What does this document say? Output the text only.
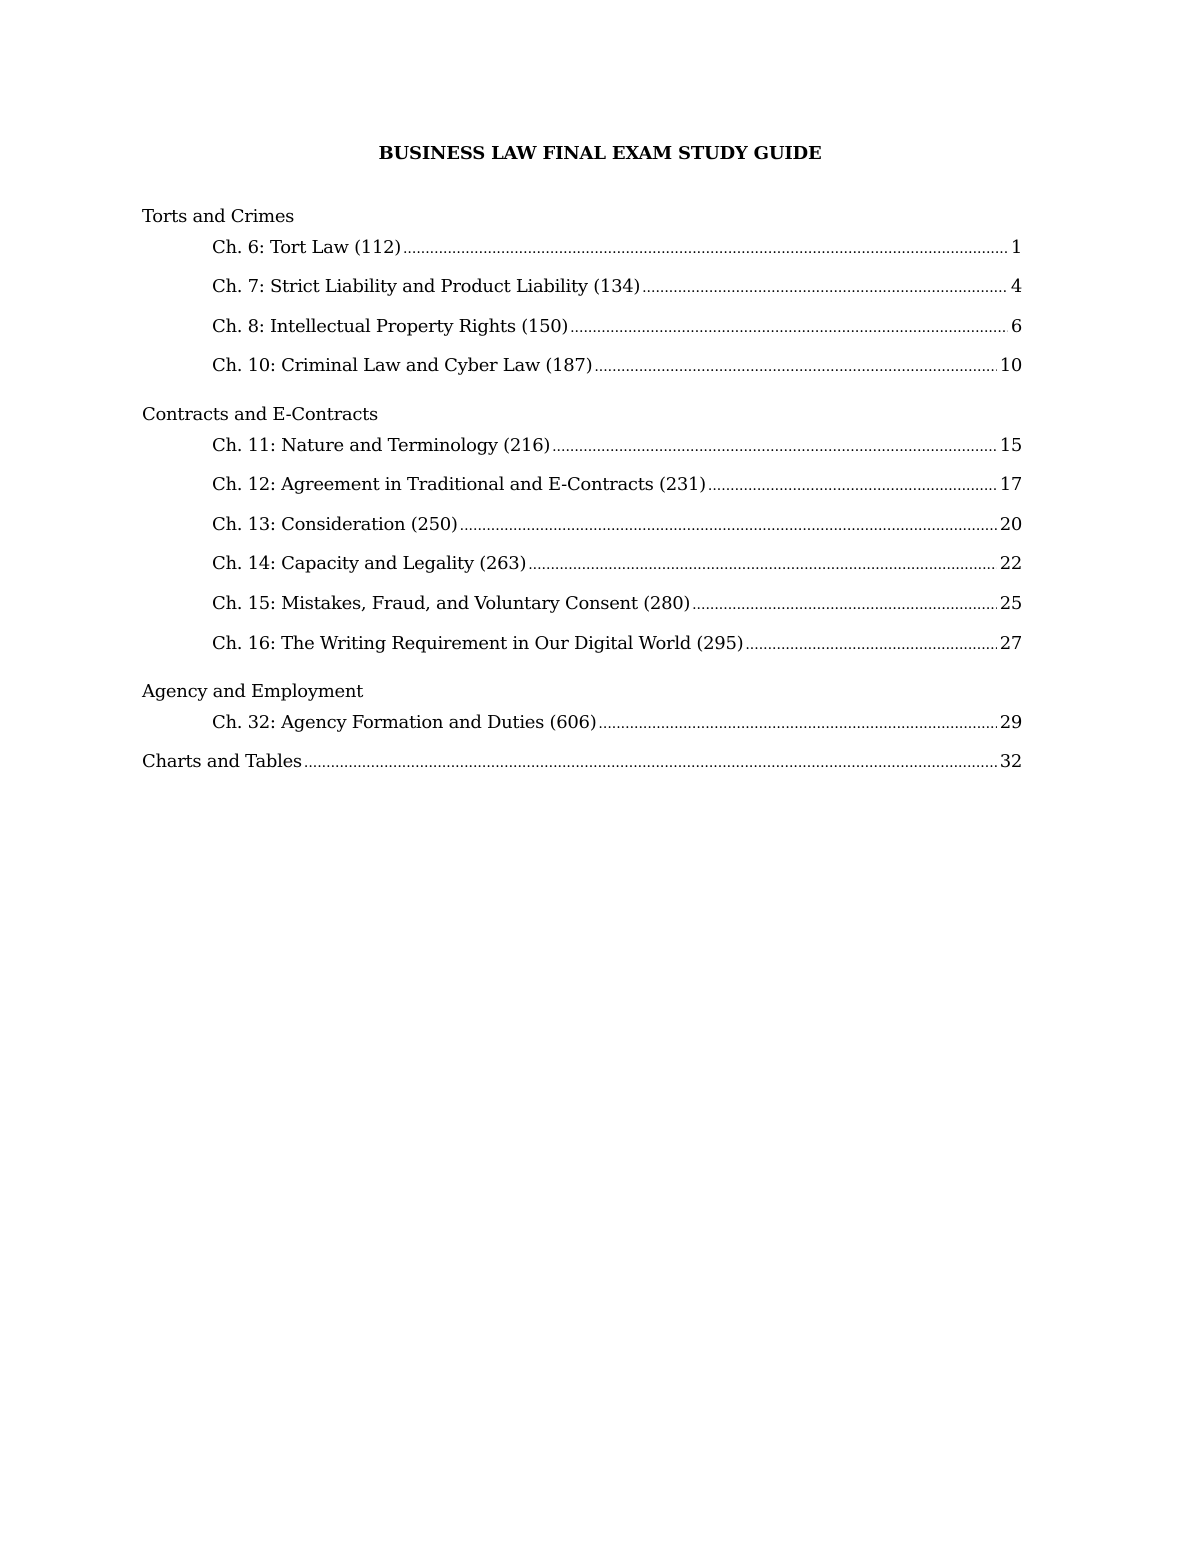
BUSINESS LAW FINAL EXAM STUDY GUIDE
Torts and Crimes
Ch. 6: Tort Law (112) .....	1
Ch. 7: Strict Liability and Product Liability (134) .....	4
Ch. 8: Intellectual Property Rights (150) .....	6
Ch. 10: Criminal Law and Cyber Law (187) .....	10
Contracts and E-Contracts
Ch. 11: Nature and Terminology (216) .....	15
Ch. 12: Agreement in Traditional and E-Contracts (231) .....	17
Ch. 13: Consideration (250) .....	20
Ch. 14: Capacity and Legality (263) .....	22
Ch. 15: Mistakes, Fraud, and Voluntary Consent (280) .....	25
Ch. 16: The Writing Requirement in Our Digital World (295) .....	27
Agency and Employment
Ch. 32: Agency Formation and Duties (606) .....	29
Charts and Tables .....	32
